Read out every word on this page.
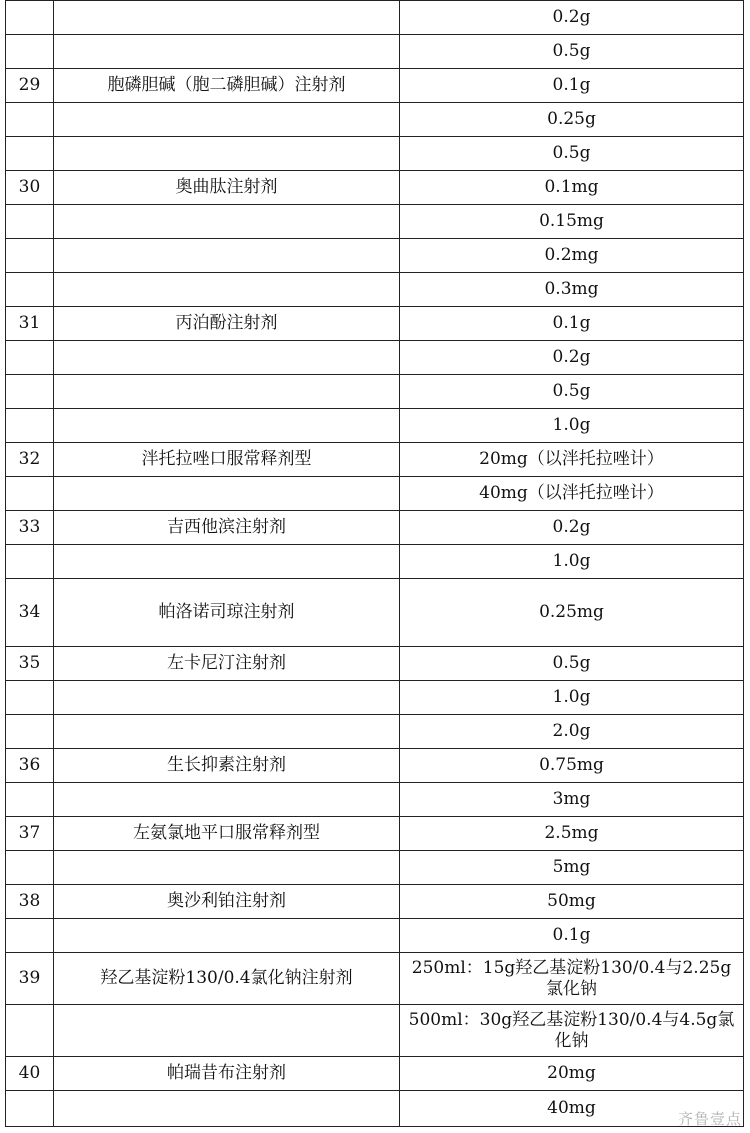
		0.2g
		0.5g
29	胞磷胆碱（胞二磷胆碱）注射剂	0.1g
		0.25g
		0.5g
30	奥曲肽注射剂	0.1mg
		0.15mg
		0.2mg
		0.3mg
31	丙泊酚注射剂	0.1g
		0.2g
		0.5g
		1.0g
32	泮托拉唑口服常释剂型	20mg（以泮托拉唑计）
		40mg（以泮托拉唑计）
33	吉西他滨注射剂	0.2g
		1.0g
34	帕洛诺司琼注射剂	0.25mg
35	左卡尼汀注射剂	0.5g
		1.0g
		2.0g
36	生长抑素注射剂	0.75mg
		3mg
37	左氨氯地平口服常释剂型	2.5mg
		5mg
38	奥沙利铂注射剂	50mg
		0.1g
39	羟乙基淀粉130/0.4氯化钠注射剂	250ml：15g羟乙基淀粉130/0.4与2.25g氯化钠
		500ml：30g羟乙基淀粉130/0.4与4.5g氯化钠
40	帕瑞昔布注射剂	20mg
		40mg
齐鲁壹点
